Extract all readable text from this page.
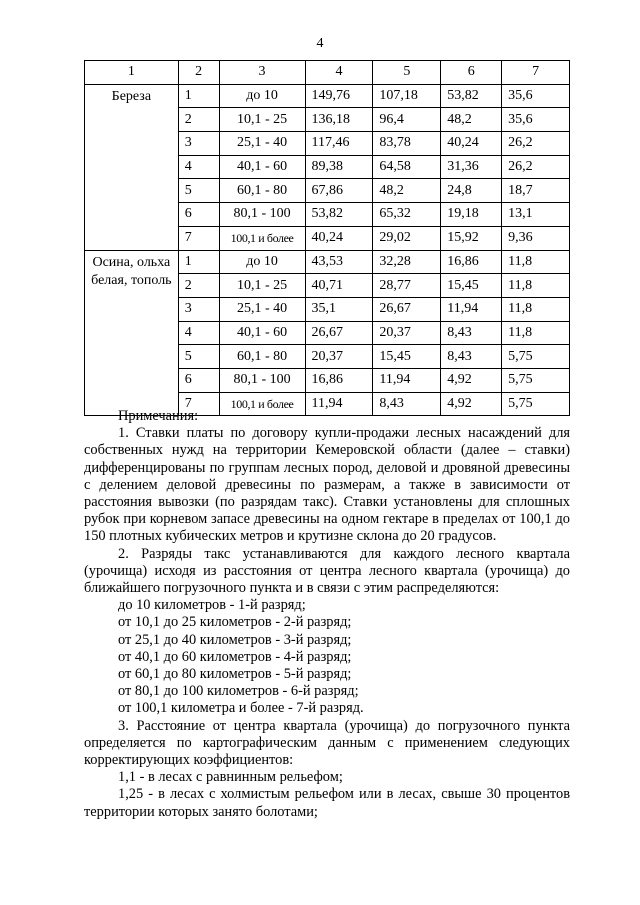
4
1	2	3	4	5	6	7
Береза	1	до 10	149,76	107,18	53,82	35,6
	2	10,1 - 25	136,18	96,4	48,2	35,6
	3	25,1 - 40	117,46	83,78	40,24	26,2
	4	40,1 - 60	89,38	64,58	31,36	26,2
	5	60,1 - 80	67,86	48,2	24,8	18,7
	6	80,1 - 100	53,82	65,32	19,18	13,1
	7	100,1 и более	40,24	29,02	15,92	9,36
Осина, ольха белая, тополь	1	до 10	43,53	32,28	16,86	11,8
	2	10,1 - 25	40,71	28,77	15,45	11,8
	3	25,1 - 40	35,1	26,67	11,94	11,8
	4	40,1 - 60	26,67	20,37	8,43	11,8
	5	60,1 - 80	20,37	15,45	8,43	5,75
	6	80,1 - 100	16,86	11,94	4,92	5,75
	7	100,1 и более	11,94	8,43	4,92	5,75

Примечания:

1. Ставки платы по договору купли-продажи лесных насаждений для собственных нужд на территории Кемеровской области (далее – ставки) дифференцированы по группам лесных пород, деловой и дровяной древесины с делением деловой древесины по размерам, а также в зависимости от расстояния вывозки (по разрядам такс). Ставки установлены для сплошных рубок при корневом запасе древесины на одном гектаре в пределах от 100,1 до 150 плотных кубических метров и крутизне склона до 20 градусов.

2. Разряды такс устанавливаются для каждого лесного квартала (урочища) исходя из расстояния от центра лесного квартала (урочища) до ближайшего погрузочного пункта и в связи с этим распределяются:

до 10 километров - 1-й разряд;

от 10,1 до 25 километров - 2-й разряд;

от 25,1 до 40 километров - 3-й разряд;

от 40,1 до 60 километров - 4-й разряд;

от 60,1 до 80 километров - 5-й разряд;

от 80,1 до 100 километров - 6-й разряд;

от 100,1 километра и более - 7-й разряд.

3. Расстояние от центра квартала (урочища) до погрузочного пункта определяется по картографическим данным с применением следующих корректирующих коэффициентов:

1,1 - в лесах с равнинным рельефом;

1,25 - в лесах с холмистым рельефом или в лесах, свыше 30 процентов территории которых занято болотами;
